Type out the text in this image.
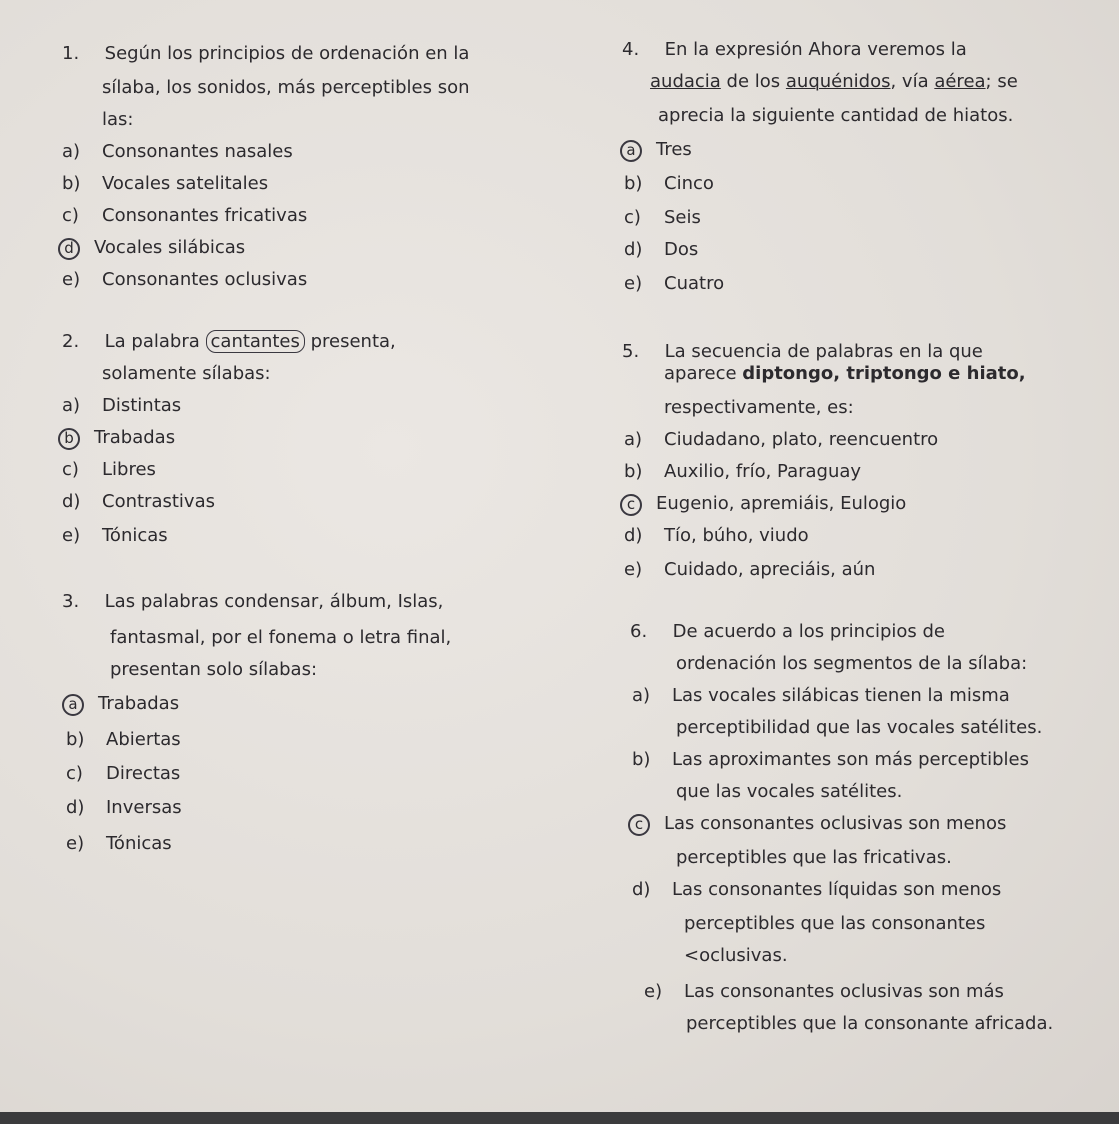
1. Según los principios de ordenación en la
sílaba, los sonidos, más perceptibles son
las:
a) Consonantes nasales
b) Vocales satelitales
c) Consonantes fricativas
d Vocales silábicas
e) Consonantes oclusivas
2. La palabra cantantes presenta,
solamente sílabas:
a) Distintas
b Trabadas
c) Libres
d) Contrastivas
e) Tónicas
3. Las palabras condensar, álbum, Islas,
fantasmal, por el fonema o letra final,
presentan solo sílabas:
a Trabadas
b) Abiertas
c) Directas
d) Inversas
e) Tónicas
4. En la expresión Ahora veremos la
audacia de los auquénidos, vía aérea; se
aprecia la siguiente cantidad de hiatos.
a Tres
b) Cinco
c) Seis
d) Dos
e) Cuatro
5. La secuencia de palabras en la que
aparece diptongo, triptongo e hiato,
respectivamente, es:
a) Ciudadano, plato, reencuentro
b) Auxilio, frío, Paraguay
c Eugenio, apremiáis, Eulogio
d) Tío, búho, viudo
e) Cuidado, apreciáis, aún
6. De acuerdo a los principios de
ordenación los segmentos de la sílaba:
a) Las vocales silábicas tienen la misma
perceptibilidad que las vocales satélites.
b) Las aproximantes son más perceptibles
que las vocales satélites.
c Las consonantes oclusivas son menos
perceptibles que las fricativas.
d) Las consonantes líquidas son menos
perceptibles que las consonantes
<oclusivas.
e) Las consonantes oclusivas son más
perceptibles que la consonante africada.
